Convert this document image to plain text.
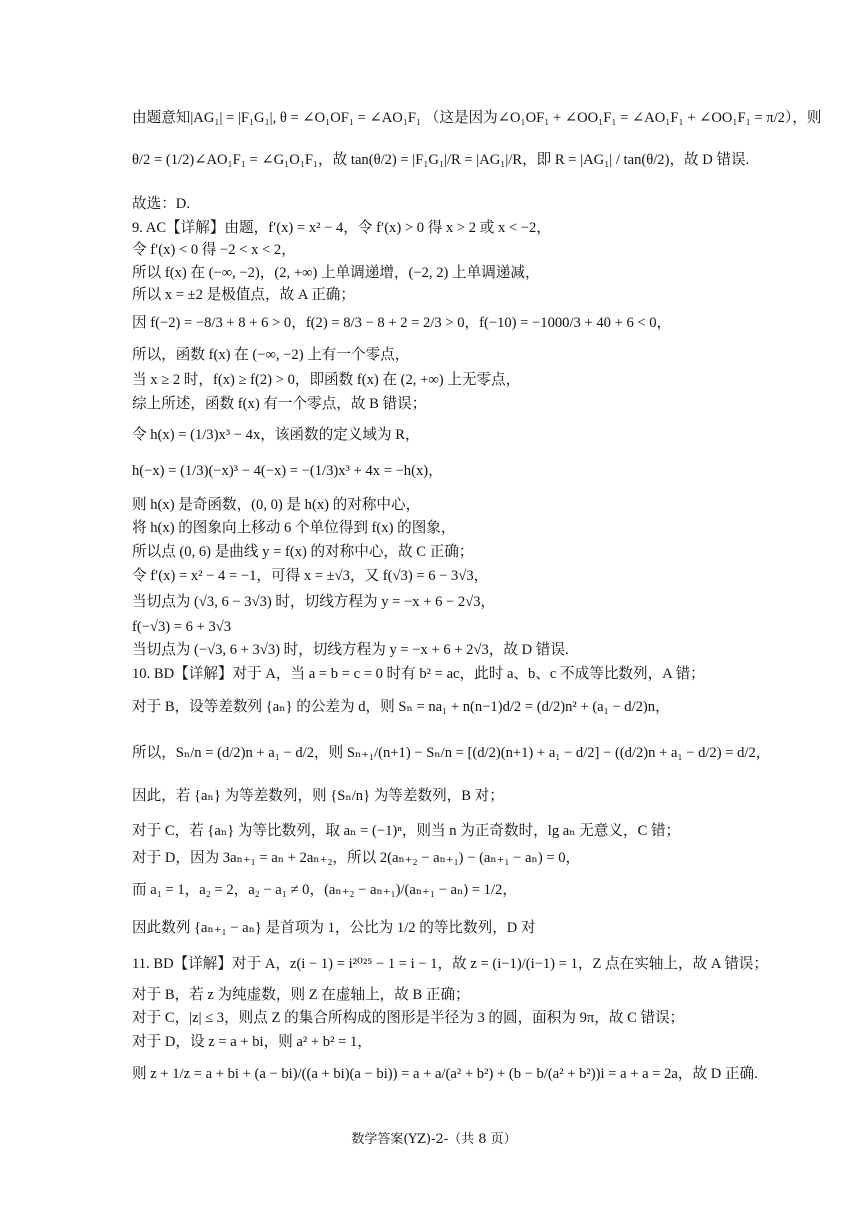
由题意知|AG₁| = |F₁G₁|, θ = ∠O₁OF₁ = ∠AO₁F₁ （这是因为∠O₁OF₁ + ∠OO₁F₁ = ∠AO₁F₁ + ∠OO₁F₁ = π/2），则
θ/2 = (1/2)∠AO₁F₁ = ∠G₁O₁F₁，故 tan(θ/2) = |F₁G₁|/R = |AG₁|/R，即 R = |AG₁| / tan(θ/2)，故 D 错误.
故选：D.
9. AC【详解】由题，f′(x) = x² − 4，令 f′(x) > 0 得 x > 2 或 x < −2，
令 f′(x) < 0 得 −2 < x < 2，
所以 f(x) 在 (−∞, −2)，(2, +∞) 上单调递增，(−2, 2) 上单调递减，
所以 x = ±2 是极值点，故 A 正确；
因 f(−2) = −8/3 + 8 + 6 > 0，f(2) = 8/3 − 8 + 2 = 2/3 > 0，f(−10) = −1000/3 + 40 + 6 < 0，
所以，函数 f(x) 在 (−∞, −2) 上有一个零点，
当 x ≥ 2 时，f(x) ≥ f(2) > 0，即函数 f(x) 在 (2, +∞) 上无零点，
综上所述，函数 f(x) 有一个零点，故 B 错误；
令 h(x) = (1/3)x³ − 4x，该函数的定义域为 R，
h(−x) = (1/3)(−x)³ − 4(−x) = −(1/3)x³ + 4x = −h(x)，
则 h(x) 是奇函数，(0, 0) 是 h(x) 的对称中心，
将 h(x) 的图象向上移动 6 个单位得到 f(x) 的图象，
所以点 (0, 6) 是曲线 y = f(x) 的对称中心，故 C 正确；
令 f′(x) = x² − 4 = −1，可得 x = ±√3，又 f(√3) = 6 − 3√3，
当切点为 (√3, 6 − 3√3) 时，切线方程为 y = −x + 6 − 2√3，
f(−√3) = 6 + 3√3
当切点为 (−√3, 6 + 3√3) 时，切线方程为 y = −x + 6 + 2√3，故 D 错误.
10. BD【详解】对于 A，当 a = b = c = 0 时有 b² = ac，此时 a、b、c 不成等比数列，A 错；
对于 B，设等差数列 {aₙ} 的公差为 d，则 Sₙ = na₁ + n(n−1)d/2 = (d/2)n² + (a₁ − d/2)n，
所以，Sₙ/n = (d/2)n + a₁ − d/2，则 Sₙ₊₁/(n+1) − Sₙ/n = [(d/2)(n+1) + a₁ − d/2] − ((d/2)n + a₁ − d/2) = d/2，
因此，若 {aₙ} 为等差数列，则 {Sₙ/n} 为等差数列，B 对；
对于 C，若 {aₙ} 为等比数列，取 aₙ = (−1)ⁿ，则当 n 为正奇数时，lg aₙ 无意义，C 错；
对于 D，因为 3aₙ₊₁ = aₙ + 2aₙ₊₂，所以 2(aₙ₊₂ − aₙ₊₁) − (aₙ₊₁ − aₙ) = 0，
而 a₁ = 1，a₂ = 2，a₂ − a₁ ≠ 0，(aₙ₊₂ − aₙ₊₁)/(aₙ₊₁ − aₙ) = 1/2，
因此数列 {aₙ₊₁ − aₙ} 是首项为 1，公比为 1/2 的等比数列，D 对
11. BD【详解】对于 A，z(i − 1) = i²⁰²⁵ − 1 = i − 1，故 z = (i−1)/(i−1) = 1，Z 点在实轴上，故 A 错误；
对于 B，若 z 为纯虚数，则 Z 在虚轴上，故 B 正确；
对于 C，|z| ≤ 3，则点 Z 的集合所构成的图形是半径为 3 的圆，面积为 9π，故 C 错误；
对于 D，设 z = a + bi，则 a² + b² = 1，
则 z + 1/z = a + bi + (a − bi)/((a + bi)(a − bi)) = a + a/(a² + b²) + (b − b/(a² + b²))i = a + a = 2a，故 D 正确.
数学答案(YZ)-2-（共 8 页）
